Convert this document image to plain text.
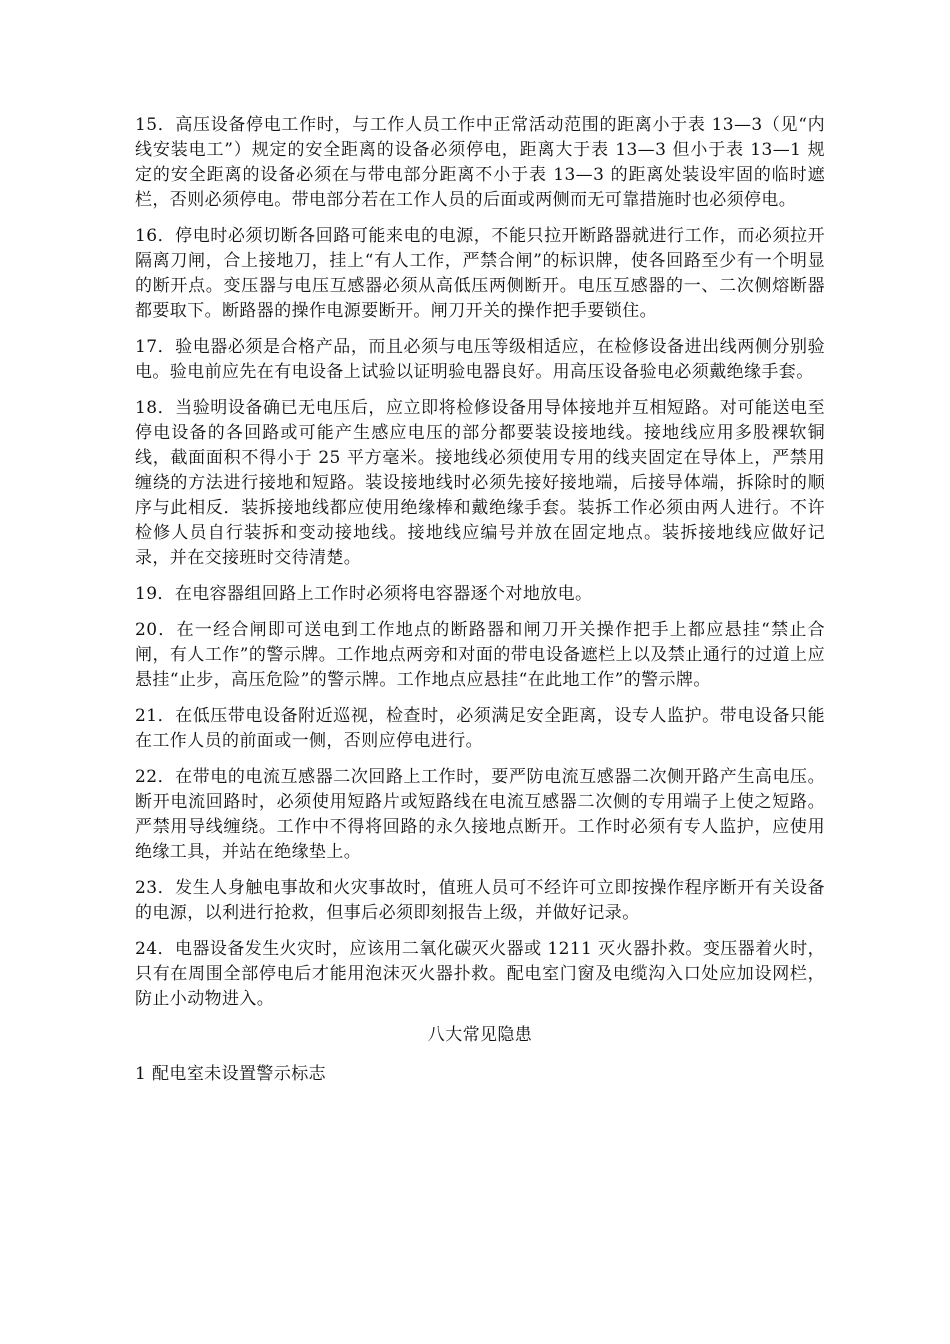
15．高压设备停电工作时，与工作人员工作中正常活动范围的距离小于表 13—3（见“内线安装电工”）规定的安全距离的设备必须停电，距离大于表 13—3 但小于表 13—1 规定的安全距离的设备必须在与带电部分距离不小于表 13—3 的距离处装设牢固的临时遮栏，否则必须停电。带电部分若在工作人员的后面或两侧而无可靠措施时也必须停电。

16．停电时必须切断各回路可能来电的电源，不能只拉开断路器就进行工作，而必须拉开隔离刀闸，合上接地刀，挂上“有人工作，严禁合闸”的标识牌，使各回路至少有一个明显的断开点。变压器与电压互感器必须从高低压两侧断开。电压互感器的一、二次侧熔断器都要取下。断路器的操作电源要断开。闸刀开关的操作把手要锁住。

17．验电器必须是合格产品，而且必须与电压等级相适应，在检修设备进出线两侧分别验电。验电前应先在有电设备上试验以证明验电器良好。用高压设备验电必须戴绝缘手套。

18．当验明设备确已无电压后，应立即将检修设备用导体接地并互相短路。对可能送电至停电设备的各回路或可能产生感应电压的部分都要装设接地线。接地线应用多股裸软铜线，截面面积不得小于 25 平方毫米。接地线必须使用专用的线夹固定在导体上，严禁用缠绕的方法进行接地和短路。装设接地线时必须先接好接地端，后接导体端，拆除时的顺序与此相反．装拆接地线都应使用绝缘棒和戴绝缘手套。装拆工作必须由两人进行。不许检修人员自行装拆和变动接地线。接地线应编号并放在固定地点。装拆接地线应做好记录，并在交接班时交待清楚。

19．在电容器组回路上工作时必须将电容器逐个对地放电。

20．在一经合闸即可送电到工作地点的断路器和闸刀开关操作把手上都应悬挂“禁止合闸，有人工作”的警示牌。工作地点两旁和对面的带电设备遮栏上以及禁止通行的过道上应悬挂“止步，高压危险”的警示牌。工作地点应悬挂“在此地工作”的警示牌。

21．在低压带电设备附近巡视，检查时，必须满足安全距离，设专人监护。带电设备只能在工作人员的前面或一侧，否则应停电进行。

22．在带电的电流互感器二次回路上工作时，要严防电流互感器二次侧开路产生高电压。断开电流回路时，必须使用短路片或短路线在电流互感器二次侧的专用端子上使之短路。严禁用导线缠绕。工作中不得将回路的永久接地点断开。工作时必须有专人监护，应使用绝缘工具，并站在绝缘垫上。

23．发生人身触电事故和火灾事故时，值班人员可不经许可立即按操作程序断开有关设备的电源，以利进行抢救，但事后必须即刻报告上级，并做好记录。

24．电器设备发生火灾时，应该用二氧化碳灭火器或 1211 灭火器扑救。变压器着火时，只有在周围全部停电后才能用泡沫灭火器扑救。配电室门窗及电缆沟入口处应加设网栏，防止小动物进入。

八大常见隐患

1 配电室未设置警示标志
